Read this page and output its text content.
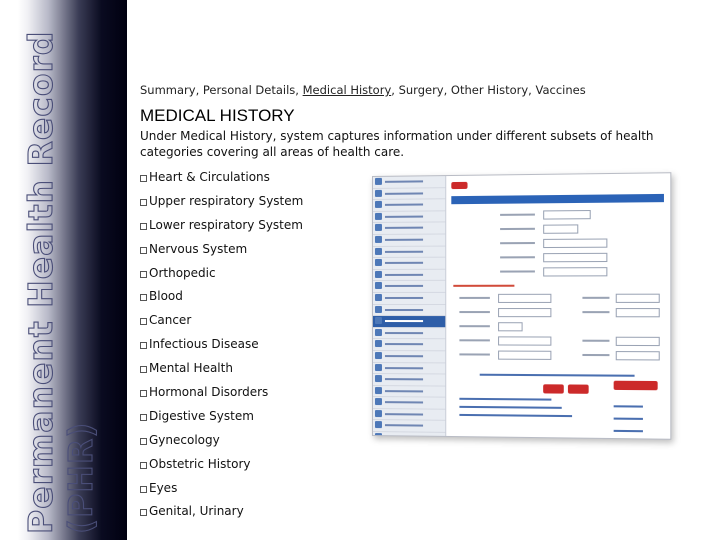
Permanent Health Record (PHR)
Summary, Personal Details, Medical History, Surgery, Other History, Vaccines
MEDICAL HISTORY
Under Medical History, system captures information under different subsets of health categories covering all areas of health care.
Heart & Circulations
Upper respiratory System
Lower respiratory System
Nervous System
Orthopedic
Blood
Cancer
Infectious Disease
Mental Health
Hormonal Disorders
Digestive System
Gynecology
Obstetric History
Eyes
Genital, Urinary
